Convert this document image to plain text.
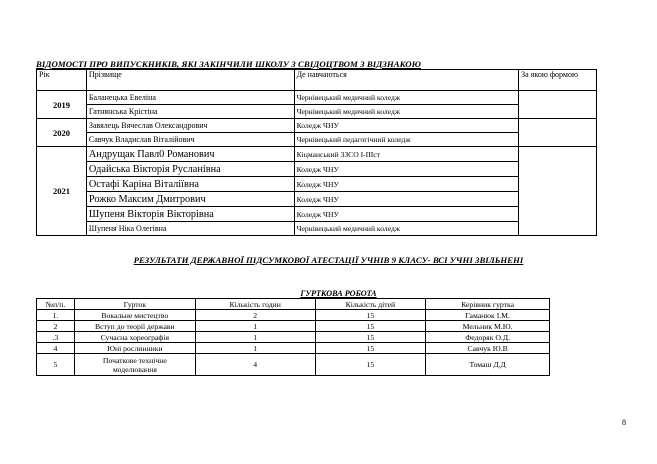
ВІДОМОСТІ ПРО ВИПУСКНИКІВ, ЯКІ ЗАКІНЧИЛИ ШКОЛУ З СВІДОЦТВОМ З ВІДЗНАКОЮ
Рік	Прізвище	Де навчаються	За якою формою
2019	Баланецька Евеліна	Чернівецький медичний коледж	
	Гатнянська Крістіна	Чернівецький медичний коледж	
2020	Завялець Вячеслав Олександрович	Коледж ЧНУ	
	Савчук Владислав Віталійович	Чернівецький педагогічний коледж	
2021	Андрущак Павл0 Романович	Кіцманський ЗЗСО І-ІІІст	
	Одайська Вікторія Русланівна	Коледж ЧНУ	
	Остафі Каріна Віталіївна	Коледж ЧНУ	
	Рожко Максим Дмитрович	Коледж ЧНУ	
	Шупеня Вікторія Вікторівна	Коледж ЧНУ	
	Шупеня Ніка Олегівна	Чернівецький медичний коледж	
РЕЗУЛЬТАТИ ДЕРЖАВНОЇ ПІДСУМКОВОЇ АТЕСТАЦІЇ УЧНІВ 9 КЛАСУ- ВСІ УЧНІ ЗВІЛЬНЕНІ
ГУРТКОВА РОБОТА
№п/п.	Гурток	Кількість годин	Кількість дітей	Керівник гуртка
1.	Вокальне мистецтво	2	15	Гаманюк І.М.
2	Вступ до теорії держави	1	15	Мельник М.Ю.
.3	Сучасна хореографія	1	15	Федоряк О.Д.
4	Юні рослинники	1	15	Савчук Ю.В
5	Початкове технічне
моделювання	4	15	Томаш Д.Д
8
